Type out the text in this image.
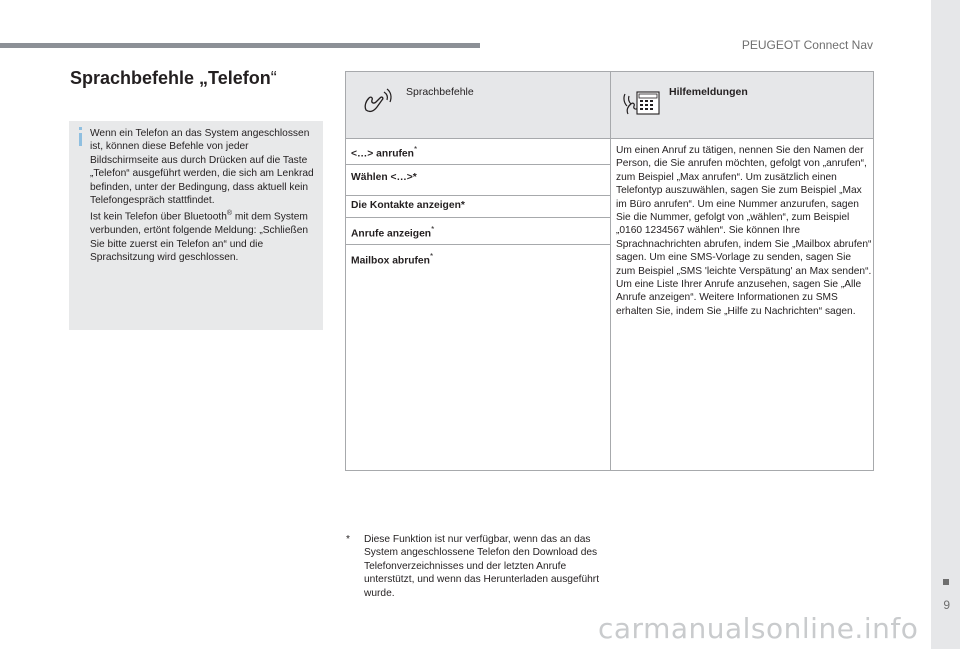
PEUGEOT Connect Nav
9
Sprachbefehle „Telefon“

Wenn ein Telefon an das System angeschlossen ist, können diese Befehle von jeder Bildschirmseite aus durch Drücken auf die Taste „Telefon“ ausgeführt werden, die sich am Lenkrad befinden, unter der Bedingung, dass aktuell kein Telefongespräch stattfindet.

Ist kein Telefon über Bluetooth® mit dem System verbunden, ertönt folgende Meldung: „Schließen Sie bitte zuerst ein Telefon an“ und die Sprachsitzung wird geschlossen.

Sprachbefehle	Hilfemeldungen
<…> anrufen*
Wählen <…>*
Die Kontakte anzeigen*
Anrufe anzeigen*
Mailbox abrufen*
Um einen Anruf zu tätigen, nennen Sie den Namen der Person, die Sie anrufen möchten, gefolgt von „anrufen“, zum Beispiel „Max anrufen“. Um zusätzlich einen Telefontyp auszuwählen, sagen Sie zum Beispiel „Max im Büro anrufen“. Um eine Nummer anzurufen, sagen Sie die Nummer, gefolgt von „wählen“, zum Beispiel „0160 1234567 wählen“. Sie können Ihre Sprachnachrichten abrufen, indem Sie „Mailbox abrufen“ sagen. Um eine SMS-Vorlage zu senden, sagen Sie zum Beispiel „SMS 'leichte Verspätung' an Max senden“. Um eine Liste Ihrer Anrufe anzusehen, sagen Sie „Alle Anrufe anzeigen“. Weitere Informationen zu SMS erhalten Sie, indem Sie „Hilfe zu Nachrichten“ sagen.
* Diese Funktion ist nur verfügbar, wenn das an das System angeschlossene Telefon den Download des Telefonverzeichnisses und der letzten Anrufe unterstützt, und wenn das Herunterladen ausgeführt wurde.
carmanualsonline.info
